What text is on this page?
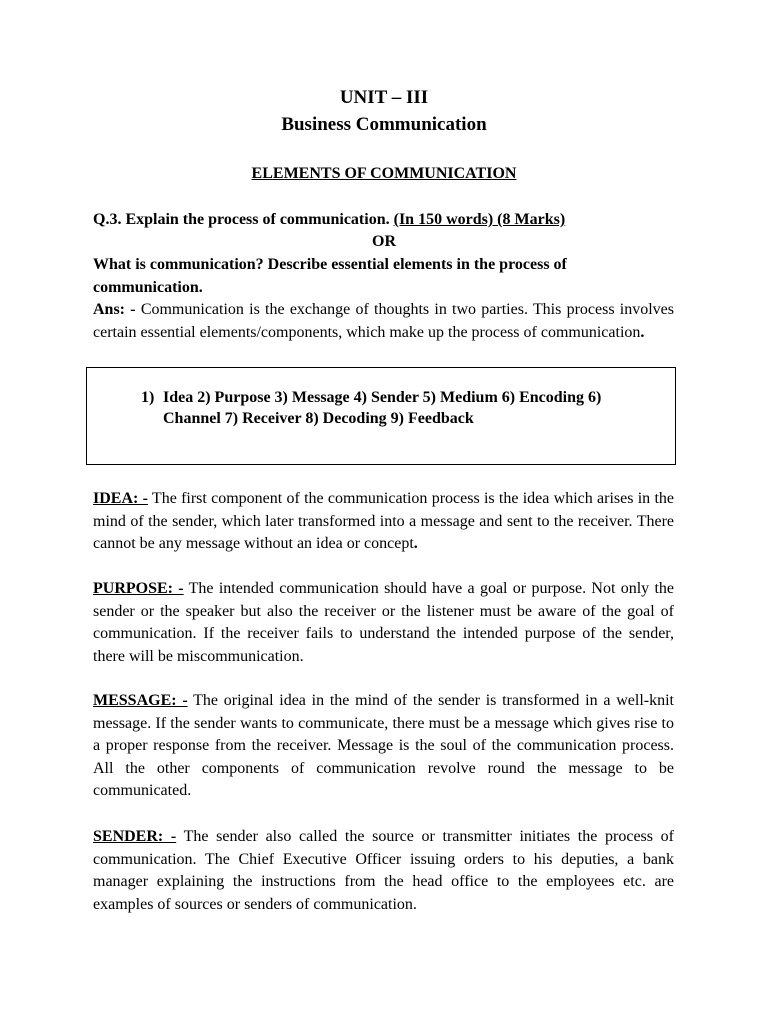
UNIT – III
Business Communication
ELEMENTS OF COMMUNICATION
Q.3. Explain the process of communication. (In 150 words) (8 Marks)
OR
What is communication? Describe essential elements in the process of communication.
Ans: - Communication is the exchange of thoughts in two parties. This process involves certain essential elements/components, which make up the process of communication.
1) Idea 2) Purpose 3) Message 4) Sender 5) Medium 6) Encoding 6) Channel 7) Receiver 8) Decoding 9) Feedback
IDEA: - The first component of the communication process is the idea which arises in the mind of the sender, which later transformed into a message and sent to the receiver. There cannot be any message without an idea or concept.
PURPOSE: - The intended communication should have a goal or purpose. Not only the sender or the speaker but also the receiver or the listener must be aware of the goal of communication. If the receiver fails to understand the intended purpose of the sender, there will be miscommunication.
MESSAGE: - The original idea in the mind of the sender is transformed in a well-knit message. If the sender wants to communicate, there must be a message which gives rise to a proper response from the receiver. Message is the soul of the communication process. All the other components of communication revolve round the message to be communicated.
SENDER: - The sender also called the source or transmitter initiates the process of communication. The Chief Executive Officer issuing orders to his deputies, a bank manager explaining the instructions from the head office to the employees etc. are examples of sources or senders of communication.
